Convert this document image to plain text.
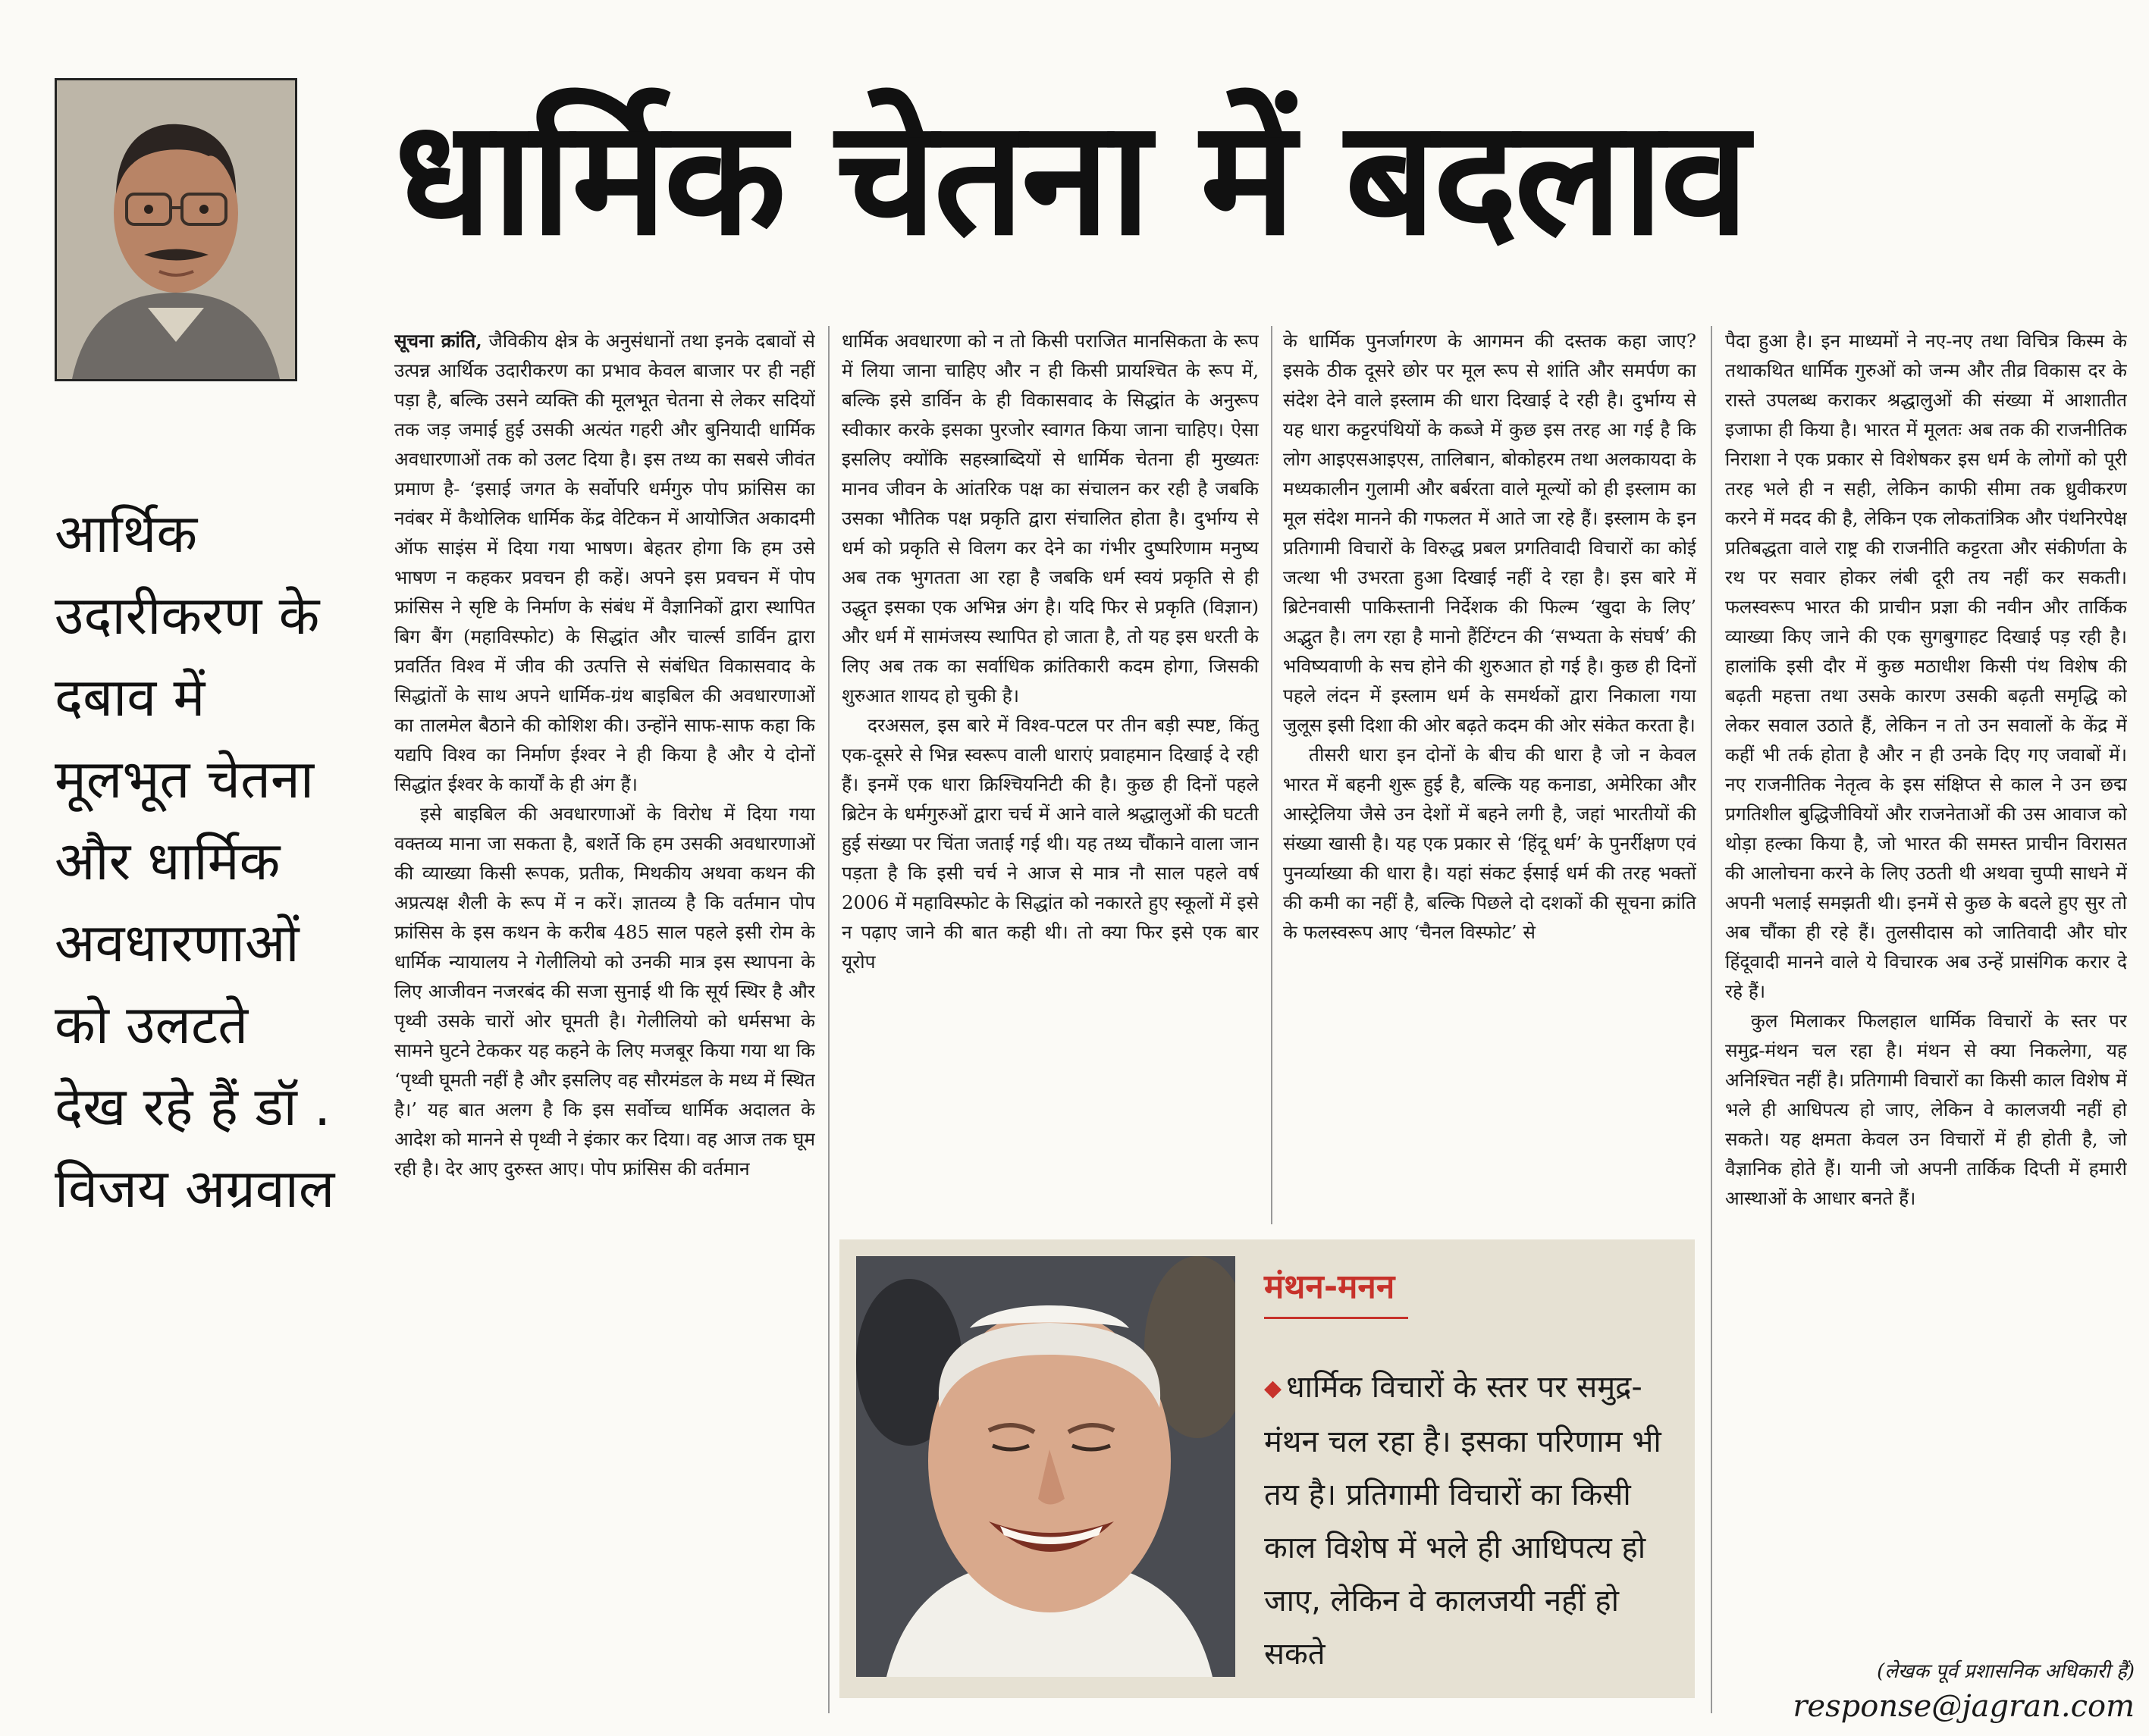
धार्मिक चेतना में बदलाव
आर्थिक उदारीकरण के दबाव में मूलभूत चेतना और धार्मिक अवधारणाओं को उलटते देख रहे हैं डॉ . विजय अग्रवाल

सूचना क्रांति, जैविकीय क्षेत्र के अनुसंधानों तथा इनके दबावों से उत्पन्न आर्थिक उदारीकरण का प्रभाव केवल बाजार पर ही नहीं पड़ा है, बल्कि उसने व्यक्ति की मूलभूत चेतना से लेकर सदियों तक जड़ जमाई हुई उसकी अत्यंत गहरी और बुनियादी धार्मिक अवधारणाओं तक को उलट दिया है। इस तथ्य का सबसे जीवंत प्रमाण है- ‘इसाई जगत के सर्वोपरि धर्मगुरु पोप फ्रांसिस का नवंबर में कैथोलिक धार्मिक केंद्र वेटिकन में आयोजित अकादमी ऑफ साइंस में दिया गया भाषण। बेहतर होगा कि हम उसे भाषण न कहकर प्रवचन ही कहें। अपने इस प्रवचन में पोप फ्रांसिस ने सृष्टि के निर्माण के संबंध में वैज्ञानिकों द्वारा स्थापित बिग बैंग (महाविस्फोट) के सिद्धांत और चार्ल्स डार्विन द्वारा प्रवर्तित विश्व में जीव की उत्पत्ति से संबंधित विकासवाद के सिद्धांतों के साथ अपने धार्मिक-ग्रंथ बाइबिल की अवधारणाओं का तालमेल बैठाने की कोशिश की। उन्होंने साफ-साफ कहा कि यद्यपि विश्व का निर्माण ईश्वर ने ही किया है और ये दोनों सिद्धांत ईश्वर के कार्यों के ही अंग हैं।

इसे बाइबिल की अवधारणाओं के विरोध में दिया गया वक्तव्य माना जा सकता है, बशर्ते कि हम उसकी अवधारणाओं की व्याख्या किसी रूपक, प्रतीक, मिथकीय अथवा कथन की अप्रत्यक्ष शैली के रूप में न करें। ज्ञातव्य है कि वर्तमान पोप फ्रांसिस के इस कथन के करीब 485 साल पहले इसी रोम के धार्मिक न्यायालय ने गेलीलियो को उनकी मात्र इस स्थापना के लिए आजीवन नजरबंद की सजा सुनाई थी कि सूर्य स्थिर है और पृथ्वी उसके चारों ओर घूमती है। गेलीलियो को धर्मसभा के सामने घुटने टेककर यह कहने के लिए मजबूर किया गया था कि ‘पृथ्वी घूमती नहीं है और इसलिए वह सौरमंडल के मध्य में स्थित है।’ यह बात अलग है कि इस सर्वोच्च धार्मिक अदालत के आदेश को मानने से पृथ्वी ने इंकार कर दिया। वह आज तक घूम रही है। देर आए दुरुस्त आए। पोप फ्रांसिस की वर्तमान

धार्मिक अवधारणा को न तो किसी पराजित मानसिकता के रूप में लिया जाना चाहिए और न ही किसी प्रायश्चित के रूप में, बल्कि इसे डार्विन के ही विकासवाद के सिद्धांत के अनुरूप स्वीकार करके इसका पुरजोर स्वागत किया जाना चाहिए। ऐसा इसलिए क्योंकि सहस्त्राब्दियों से धार्मिक चेतना ही मुख्यतः मानव जीवन के आंतरिक पक्ष का संचालन कर रही है जबकि उसका भौतिक पक्ष प्रकृति द्वारा संचालित होता है। दुर्भाग्य से धर्म को प्रकृति से विलग कर देने का गंभीर दुष्परिणाम मनुष्य अब तक भुगतता आ रहा है जबकि धर्म स्वयं प्रकृति से ही उद्धृत इसका एक अभिन्न अंग है। यदि फिर से प्रकृति (विज्ञान) और धर्म में सामंजस्य स्थापित हो जाता है, तो यह इस धरती के लिए अब तक का सर्वाधिक क्रांतिकारी कदम होगा, जिसकी शुरुआत शायद हो चुकी है।

दरअसल, इस बारे में विश्व-पटल पर तीन बड़ी स्पष्ट, किंतु एक-दूसरे से भिन्न स्वरूप वाली धाराएं प्रवाहमान दिखाई दे रही हैं। इनमें एक धारा क्रिश्चियनिटी की है। कुछ ही दिनों पहले ब्रिटेन के धर्मगुरुओं द्वारा चर्च में आने वाले श्रद्धालुओं की घटती हुई संख्या पर चिंता जताई गई थी। यह तथ्य चौंकाने वाला जान पड़ता है कि इसी चर्च ने आज से मात्र नौ साल पहले वर्ष 2006 में महाविस्फोट के सिद्धांत को नकारते हुए स्कूलों में इसे न पढ़ाए जाने की बात कही थी। तो क्या फिर इसे एक बार यूरोप

के धार्मिक पुनर्जागरण के आगमन की दस्तक कहा जाए? इसके ठीक दूसरे छोर पर मूल रूप से शांति और समर्पण का संदेश देने वाले इस्लाम की धारा दिखाई दे रही है। दुर्भाग्य से यह धारा कट्टरपंथियों के कब्जे में कुछ इस तरह आ गई है कि लोग आइएसआइएस, तालिबान, बोकोहरम तथा अलकायदा के मध्यकालीन गुलामी और बर्बरता वाले मूल्यों को ही इस्लाम का मूल संदेश मानने की गफलत में आते जा रहे हैं। इस्लाम के इन प्रतिगामी विचारों के विरुद्ध प्रबल प्रगतिवादी विचारों का कोई जत्था भी उभरता हुआ दिखाई नहीं दे रहा है। इस बारे में ब्रिटेनवासी पाकिस्तानी निर्देशक की फिल्म ‘खुदा के लिए’ अद्भुत है। लग रहा है मानो हैंटिंग्टन की ‘सभ्यता के संघर्ष’ की भविष्यवाणी के सच होने की शुरुआत हो गई है। कुछ ही दिनों पहले लंदन में इस्लाम धर्म के समर्थकों द्वारा निकाला गया जुलूस इसी दिशा की ओर बढ़ते कदम की ओर संकेत करता है।

तीसरी धारा इन दोनों के बीच की धारा है जो न केवल भारत में बहनी शुरू हुई है, बल्कि यह कनाडा, अमेरिका और आस्ट्रेलिया जैसे उन देशों में बहने लगी है, जहां भारतीयों की संख्या खासी है। यह एक प्रकार से ‘हिंदू धर्म’ के पुनर्रीक्षण एवं पुनर्व्याख्या की धारा है। यहां संकट ईसाई धर्म की तरह भक्तों की कमी का नहीं है, बल्कि पिछले दो दशकों की सूचना क्रांति के फलस्वरूप आए ‘चैनल विस्फोट’ से

पैदा हुआ है। इन माध्यमों ने नए-नए तथा विचित्र किस्म के तथाकथित धार्मिक गुरुओं को जन्म और तीव्र विकास दर के रास्ते उपलब्ध कराकर श्रद्धालुओं की संख्या में आशातीत इजाफा ही किया है। भारत में मूलतः अब तक की राजनीतिक निराशा ने एक प्रकार से विशेषकर इस धर्म के लोगों को पूरी तरह भले ही न सही, लेकिन काफी सीमा तक ध्रुवीकरण करने में मदद की है, लेकिन एक लोकतांत्रिक और पंथनिरपेक्ष प्रतिबद्धता वाले राष्ट्र की राजनीति कट्टरता और संकीर्णता के रथ पर सवार होकर लंबी दूरी तय नहीं कर सकती। फलस्वरूप भारत की प्राचीन प्रज्ञा की नवीन और तार्किक व्याख्या किए जाने की एक सुगबुगाहट दिखाई पड़ रही है। हालांकि इसी दौर में कुछ मठाधीश किसी पंथ विशेष की बढ़ती महत्ता तथा उसके कारण उसकी बढ़ती समृद्धि को लेकर सवाल उठाते हैं, लेकिन न तो उन सवालों के केंद्र में कहीं भी तर्क होता है और न ही उनके दिए गए जवाबों में। नए राजनीतिक नेतृत्व के इस संक्षिप्त से काल ने उन छद्म प्रगतिशील बुद्धिजीवियों और राजनेताओं की उस आवाज को थोड़ा हल्का किया है, जो भारत की समस्त प्राचीन विरासत की आलोचना करने के लिए उठती थी अथवा चुप्पी साधने में अपनी भलाई समझती थी। इनमें से कुछ के बदले हुए सुर तो अब चौंका ही रहे हैं। तुलसीदास को जातिवादी और घोर हिंदूवादी मानने वाले ये विचारक अब उन्हें प्रासंगिक करार दे रहे हैं।

कुल मिलाकर फिलहाल धार्मिक विचारों के स्तर पर समुद्र-मंथन चल रहा है। मंथन से क्या निकलेगा, यह अनिश्चित नहीं है। प्रतिगामी विचारों का किसी काल विशेष में भले ही आधिपत्य हो जाए, लेकिन वे कालजयी नहीं हो सकते। यह क्षमता केवल उन विचारों में ही होती है, जो वैज्ञानिक होते हैं। यानी जो अपनी तार्किक दिप्ती में हमारी आस्थाओं के आधार बनते हैं।

मंथन-मनन
◆ धार्मिक विचारों के स्तर पर समुद्र-मंथन चल रहा है। इसका परिणाम भी तय है। प्रतिगामी विचारों का किसी काल विशेष में भले ही आधिपत्य हो जाए, लेकिन वे कालजयी नहीं हो सकते	(लेखक पूर्व प्रशासनिक अधिकारी हैं)
response@jagran.com
